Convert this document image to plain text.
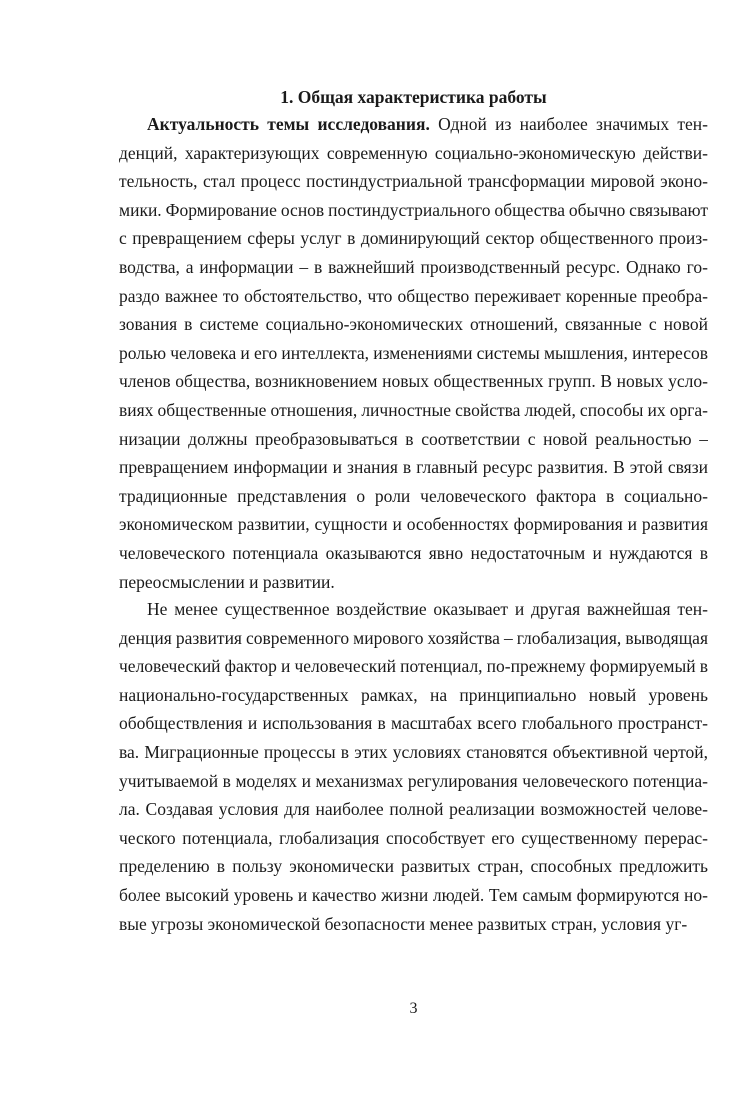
1. Общая характеристика работы
Актуальность темы исследования. Одной из наиболее значимых тен-
денций, характеризующих современную социально-экономическую действи-
тельность, стал процесс постиндустриальной трансформации мировой эконо-
мики. Формирование основ постиндустриального общества обычно связывают
с превращением сферы услуг в доминирующий сектор общественного произ-
водства, а информации – в важнейший производственный ресурс. Однако го-
раздо важнее то обстоятельство, что общество переживает коренные преобра-
зования в системе социально-экономических отношений, связанные с новой
ролью человека и его интеллекта, изменениями системы мышления, интересов
членов общества, возникновением новых общественных групп. В новых усло-
виях общественные отношения, личностные свойства людей, способы их орга-
низации должны преобразовываться в соответствии с новой реальностью –
превращением информации и знания в главный ресурс развития. В этой связи
традиционные представления о роли человеческого фактора в социально-
экономическом развитии, сущности и особенностях формирования и развития
человеческого потенциала оказываются явно недостаточным и нуждаются в
переосмыслении и развитии.
Не менее существенное воздействие оказывает и другая важнейшая тен-
денция развития современного мирового хозяйства – глобализация, выводящая
человеческий фактор и человеческий потенциал, по-прежнему формируемый в
национально-государственных рамках, на принципиально новый уровень
обобществления и использования в масштабах всего глобального пространст-
ва. Миграционные процессы в этих условиях становятся объективной чертой,
учитываемой в моделях и механизмах регулирования человеческого потенциа-
ла. Создавая условия для наиболее полной реализации возможностей челове-
ческого потенциала, глобализация способствует его существенному перерас-
пределению в пользу экономически развитых стран, способных предложить
более высокий уровень и качество жизни людей. Тем самым формируются но-
вые угрозы экономической безопасности менее развитых стран, условия уг-
3
